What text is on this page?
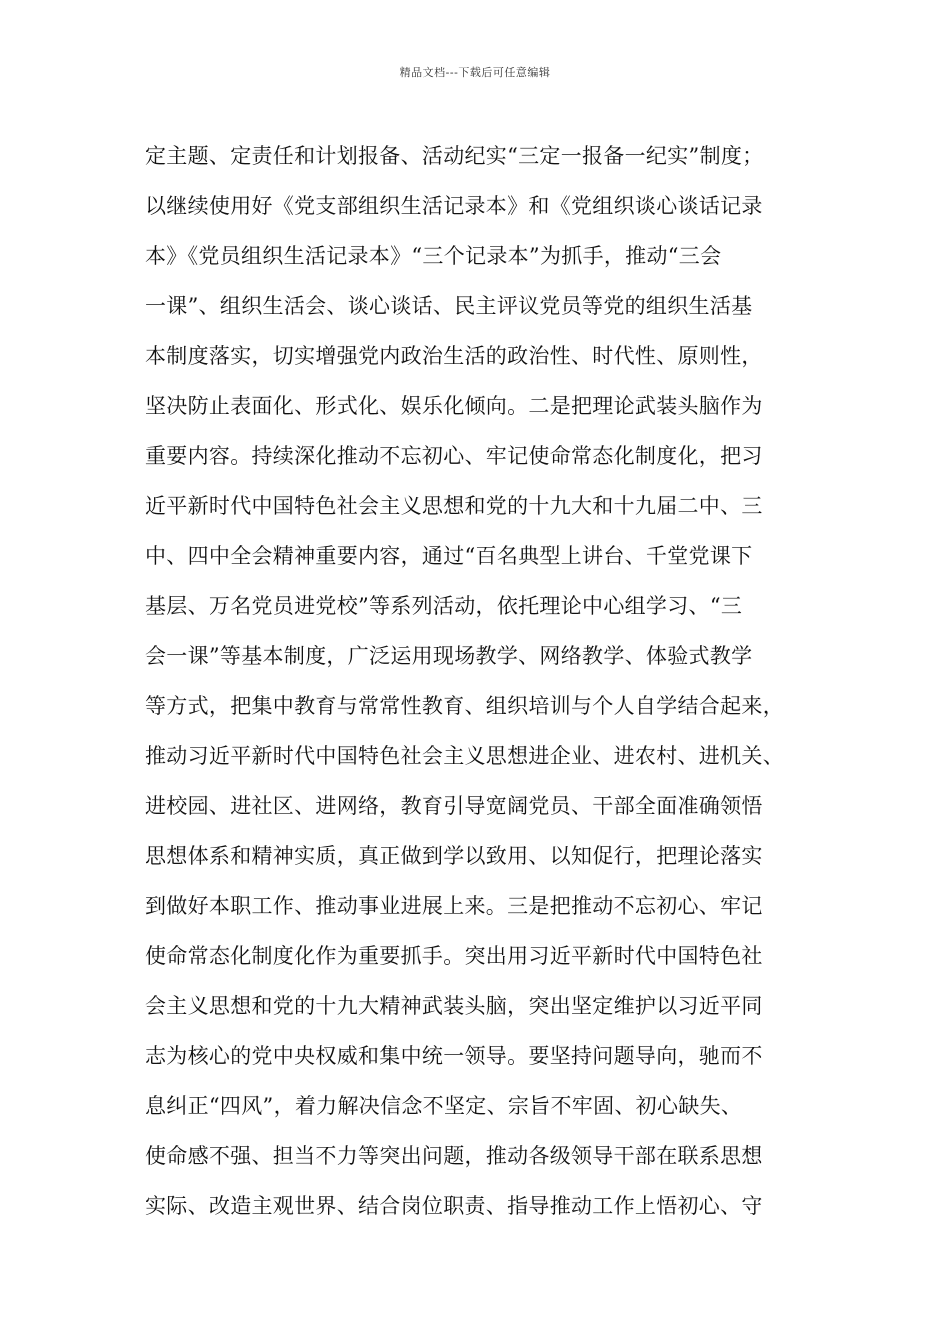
精品文档---下载后可任意编辑
定主题、定责任和计划报备、活动纪实“三定一报备一纪实”制度；
以继续使用好《党支部组织生活记录本》和《党组织谈心谈话记录
本》《党员组织生活记录本》“三个记录本”为抓手，推动“三会
一课”、组织生活会、谈心谈话、民主评议党员等党的组织生活基
本制度落实，切实增强党内政治生活的政治性、时代性、原则性，
坚决防止表面化、形式化、娱乐化倾向。二是把理论武装头脑作为
重要内容。持续深化推动不忘初心、牢记使命常态化制度化，把习
近平新时代中国特色社会主义思想和党的十九大和十九届二中、三
中、四中全会精神重要内容，通过“百名典型上讲台、千堂党课下
基层、万名党员进党校”等系列活动，依托理论中心组学习、“三
会一课”等基本制度，广泛运用现场教学、网络教学、体验式教学
等方式，把集中教育与常常性教育、组织培训与个人自学结合起来，
推动习近平新时代中国特色社会主义思想进企业、进农村、进机关、
进校园、进社区、进网络，教育引导宽阔党员、干部全面准确领悟
思想体系和精神实质，真正做到学以致用、以知促行，把理论落实
到做好本职工作、推动事业进展上来。三是把推动不忘初心、牢记
使命常态化制度化作为重要抓手。突出用习近平新时代中国特色社
会主义思想和党的十九大精神武装头脑，突出坚定维护以习近平同
志为核心的党中央权威和集中统一领导。要坚持问题导向，驰而不
息纠正“四风”，着力解决信念不坚定、宗旨不牢固、初心缺失、
使命感不强、担当不力等突出问题，推动各级领导干部在联系思想
实际、改造主观世界、结合岗位职责、指导推动工作上悟初心、守
